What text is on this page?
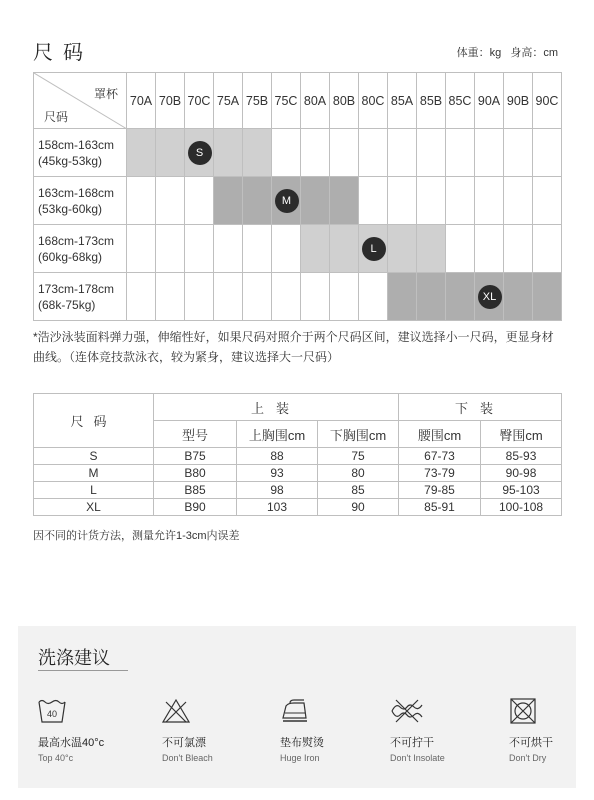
尺码	体重：kg 身高：cm
罩杯
尺码	70A	70B	70C	75A	75B	75C	80A	80B	80C	85A	85B	85C	90A	90B	90C

158cm-163cm
(45kg-53kg)			S												

163cm-168cm
(53kg-60kg)						M									

168cm-173cm
(60kg-68kg)									L						

173cm-178cm
(68k-75kg)													XL		

*浩沙泳装面料弹力强，伸缩性好，如果尺码对照介于两个尺码区间，建议选择小一尺码，更显身材曲线。（连体竞技款泳衣，较为紧身，建议选择大一尺码）
尺码	上装			下装	
	型号	上胸围cm	下胸围cm	腰围cm	臀围cm
S	B75	88	75	67-73	85-93
M	B80	93	80	73-79	90-98
L	B85	98	85	79-85	95-103
XL	B90	103	90	85-91	100-108
因不同的计货方法，测量允许1-3cm内误差
洗涤建议
40
最高水温40°c
Top 40°c
不可氯漂
Don't Bleach
垫布熨烫
Huge Iron
不可拧干
Don't Insolate
不可烘干
Don't Dry
